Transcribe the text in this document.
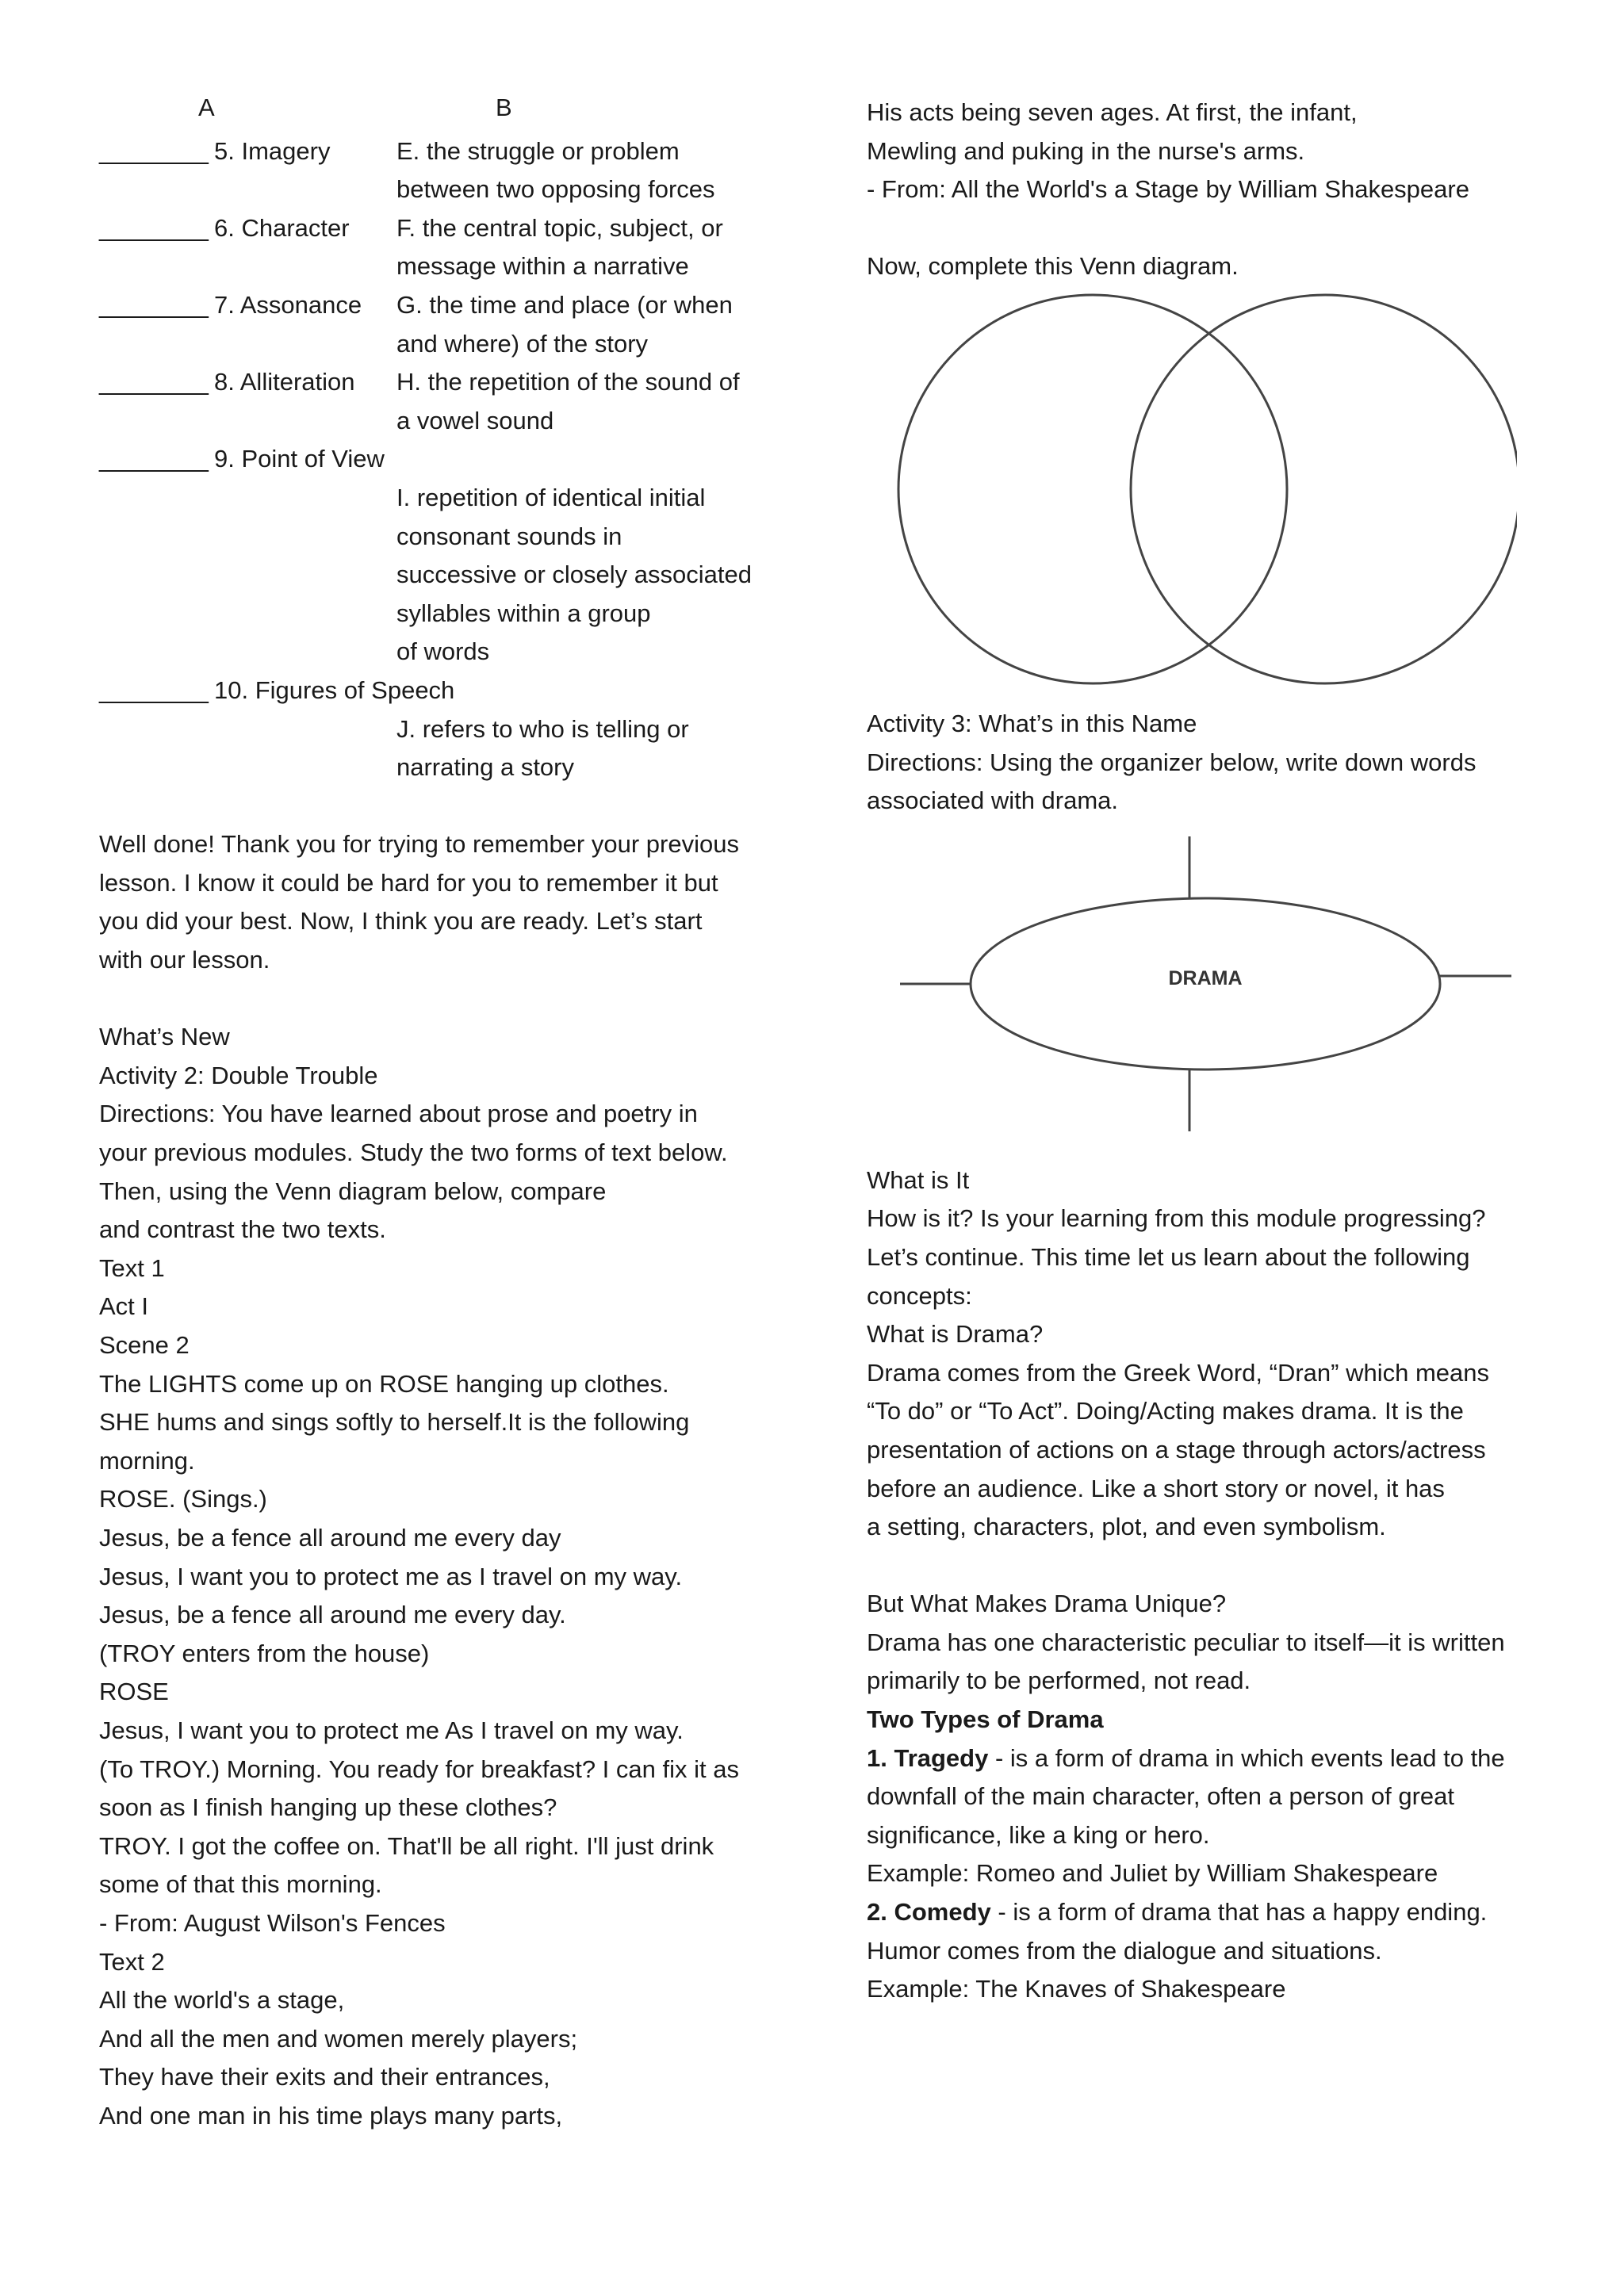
A	B
________ 5. Imagery	E. the struggle or problem
between two opposing forces
________ 6. Character F. the central topic, subject, or
message within a narrative
________ 7. Assonance G. the time and place (or when
and where) of the story
________ 8. Alliteration H. the repetition of the sound of
a vowel sound
________ 9. Point of View
I. repetition of identical initial
consonant sounds in
successive or closely associated
syllables within a group
of words
________ 10. Figures of Speech
J. refers to who is telling or
narrating a story
Well done! Thank you for trying to remember your previous
lesson. I know it could be hard for you to remember it but
you did your best. Now, I think you are ready. Let’s start
with our lesson.
What’s New
Activity 2: Double Trouble
Directions: You have learned about prose and poetry in
your previous modules. Study the two forms of text below.
Then, using the Venn diagram below, compare
and contrast the two texts.
Text 1
Act I
Scene 2
The LIGHTS come up on ROSE hanging up clothes.
SHE hums and sings softly to herself.It is the following
morning.
ROSE. (Sings.)
Jesus, be a fence all around me every day
Jesus, I want you to protect me as I travel on my way.
Jesus, be a fence all around me every day.
(TROY enters from the house)
ROSE
Jesus, I want you to protect me As I travel on my way.
(To TROY.) Morning. You ready for breakfast? I can fix it as
soon as I finish hanging up these clothes?
TROY. I got the coffee on. That'll be all right. I'll just drink
some of that this morning.
- From: August Wilson's Fences
Text 2
All the world's a stage,
And all the men and women merely players;
They have their exits and their entrances,
And one man in his time plays many parts,
His acts being seven ages. At first, the infant,
Mewling and puking in the nurse's arms.
- From: All the World's a Stage by William Shakespeare
Now, complete this Venn diagram.
Activity 3: What’s in this Name
Directions: Using the organizer below, write down words
associated with drama.
DRAMA
What is It
How is it? Is your learning from this module progressing?
Let’s continue. This time let us learn about the following
concepts:
What is Drama?
Drama comes from the Greek Word, “Dran” which means
“To do” or “To Act”. Doing/Acting makes drama. It is the
presentation of actions on a stage through actors/actress
before an audience. Like a short story or novel, it has
a setting, characters, plot, and even symbolism.
But What Makes Drama Unique?
Drama has one characteristic peculiar to itself—it is written
primarily to be performed, not read.
Two Types of Drama
1. Tragedy - is a form of drama in which events lead to the
downfall of the main character, often a person of great
significance, like a king or hero.
Example: Romeo and Juliet by William Shakespeare
2. Comedy - is a form of drama that has a happy ending.
Humor comes from the dialogue and situations.
Example: The Knaves of Shakespeare
